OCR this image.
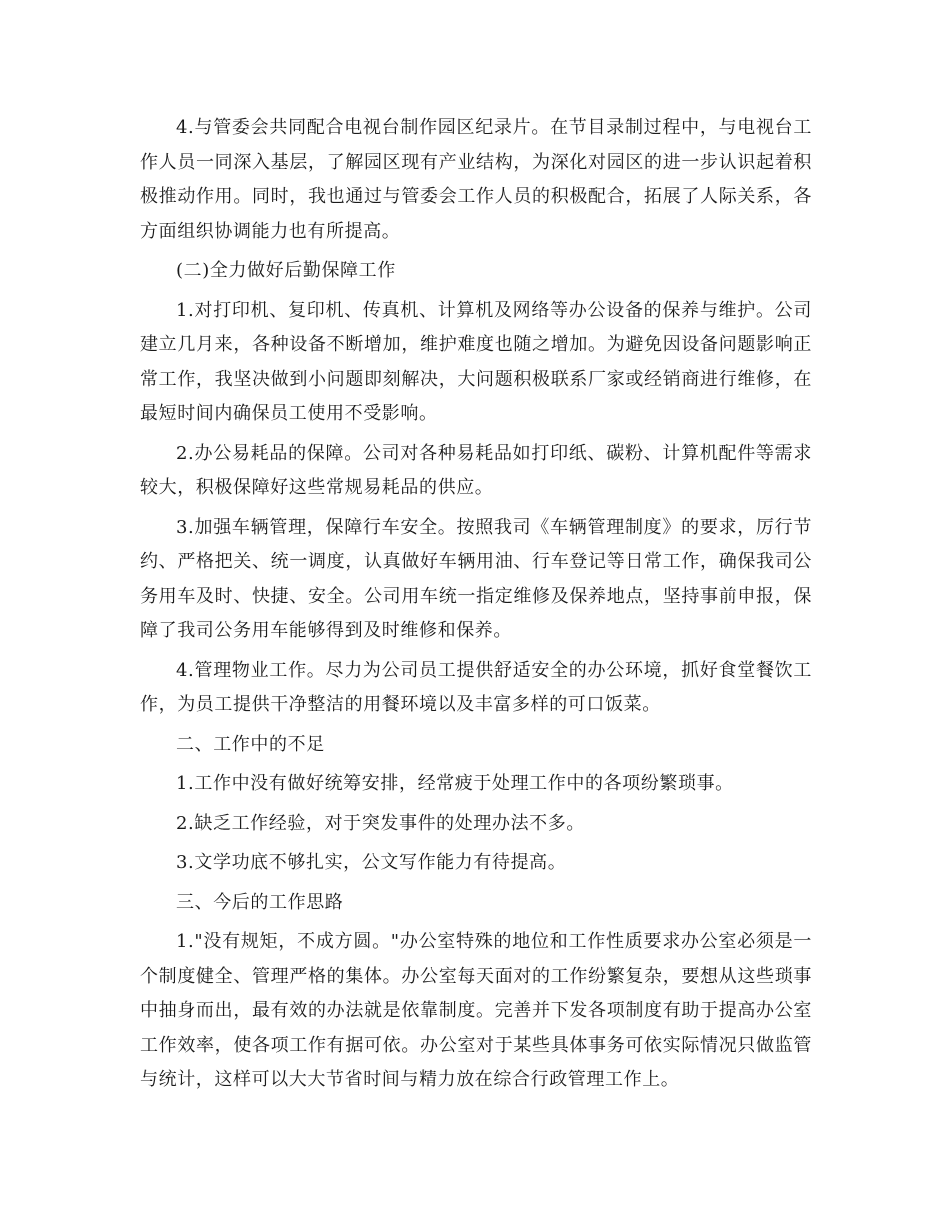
4.与管委会共同配合电视台制作园区纪录片。在节目录制过程中，与电视台工作人员一同深入基层，了解园区现有产业结构，为深化对园区的进一步认识起着积极推动作用。同时，我也通过与管委会工作人员的积极配合，拓展了人际关系，各方面组织协调能力也有所提高。

(二)全力做好后勤保障工作

1.对打印机、复印机、传真机、计算机及网络等办公设备的保养与维护。公司建立几月来，各种设备不断增加，维护难度也随之增加。为避免因设备问题影响正常工作，我坚决做到小问题即刻解决，大问题积极联系厂家或经销商进行维修，在最短时间内确保员工使用不受影响。

2.办公易耗品的保障。公司对各种易耗品如打印纸、碳粉、计算机配件等需求较大，积极保障好这些常规易耗品的供应。

3.加强车辆管理，保障行车安全。按照我司《车辆管理制度》的要求，厉行节约、严格把关、统一调度，认真做好车辆用油、行车登记等日常工作，确保我司公务用车及时、快捷、安全。公司用车统一指定维修及保养地点，坚持事前申报，保障了我司公务用车能够得到及时维修和保养。

4.管理物业工作。尽力为公司员工提供舒适安全的办公环境，抓好食堂餐饮工作，为员工提供干净整洁的用餐环境以及丰富多样的可口饭菜。

二、工作中的不足

1.工作中没有做好统筹安排，经常疲于处理工作中的各项纷繁琐事。

2.缺乏工作经验，对于突发事件的处理办法不多。

3.文学功底不够扎实，公文写作能力有待提高。

三、今后的工作思路

1."没有规矩，不成方圆。"办公室特殊的地位和工作性质要求办公室必须是一个制度健全、管理严格的集体。办公室每天面对的工作纷繁复杂，要想从这些琐事中抽身而出，最有效的办法就是依靠制度。完善并下发各项制度有助于提高办公室工作效率，使各项工作有据可依。办公室对于某些具体事务可依实际情况只做监管与统计，这样可以大大节省时间与精力放在综合行政管理工作上。
